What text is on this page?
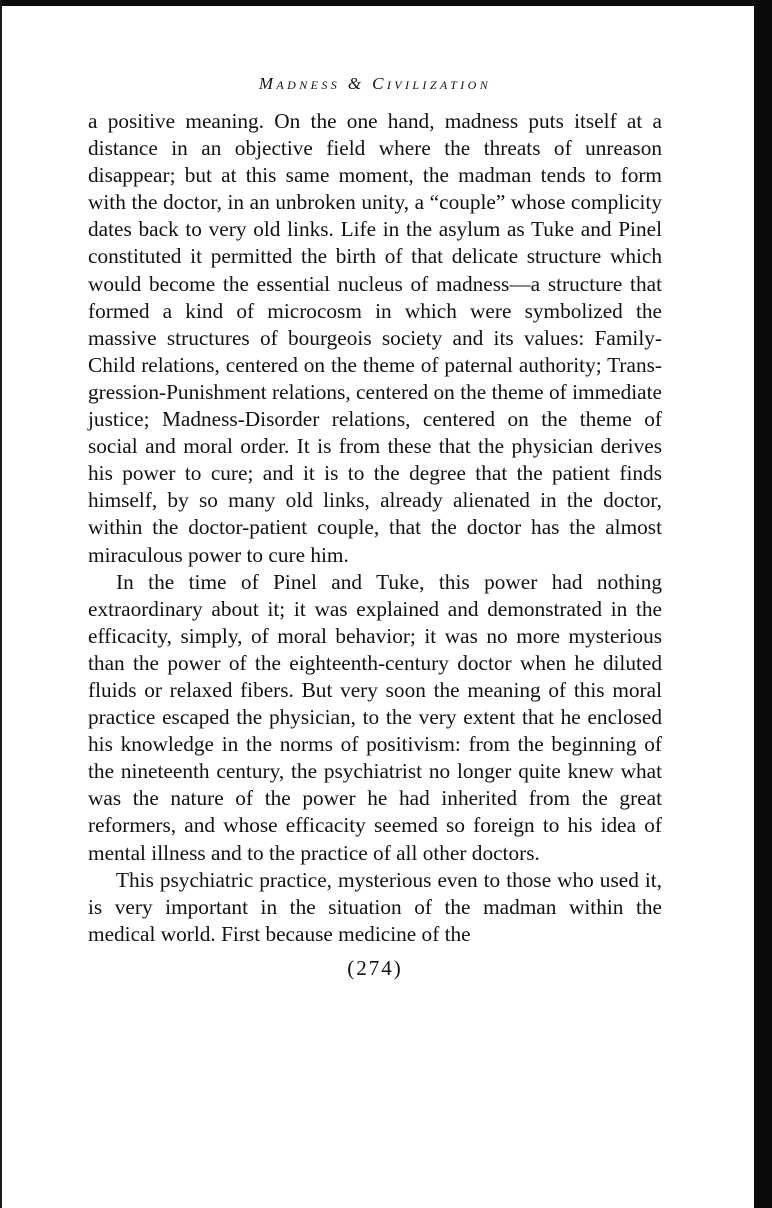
Madness & Civilization

a positive meaning. On the one hand, madness puts itself at a distance in an objective field where the threats of unreason disappear; but at this same moment, the madman tends to form with the doctor, in an unbroken unity, a “couple” whose complicity dates back to very old links. Life in the asylum as Tuke and Pinel constituted it permitted the birth of that delicate structure which would become the essential nucleus of madness—a structure that formed a kind of microcosm in which were symbolized the massive structures of bourgeois society and its values: Family-Child relations, centered on the theme of paternal authority; Transgression-Punishment relations, centered on the theme of immediate justice; Madness-Disorder relations, centered on the theme of social and moral order. It is from these that the physician derives his power to cure; and it is to the degree that the patient finds himself, by so many old links, already alienated in the doctor, within the doctor-patient couple, that the doctor has the almost miraculous power to cure him.

In the time of Pinel and Tuke, this power had nothing extraordinary about it; it was explained and demonstrated in the efficacity, simply, of moral behavior; it was no more mysterious than the power of the eighteenth-century doctor when he diluted fluids or relaxed fibers. But very soon the meaning of this moral practice escaped the physician, to the very extent that he enclosed his knowledge in the norms of positivism: from the beginning of the nineteenth century, the psychiatrist no longer quite knew what was the nature of the power he had inherited from the great reformers, and whose efficacity seemed so foreign to his idea of mental illness and to the practice of all other doctors.

This psychiatric practice, mysterious even to those who used it, is very important in the situation of the madman within the medical world. First because medicine of the

(274)
